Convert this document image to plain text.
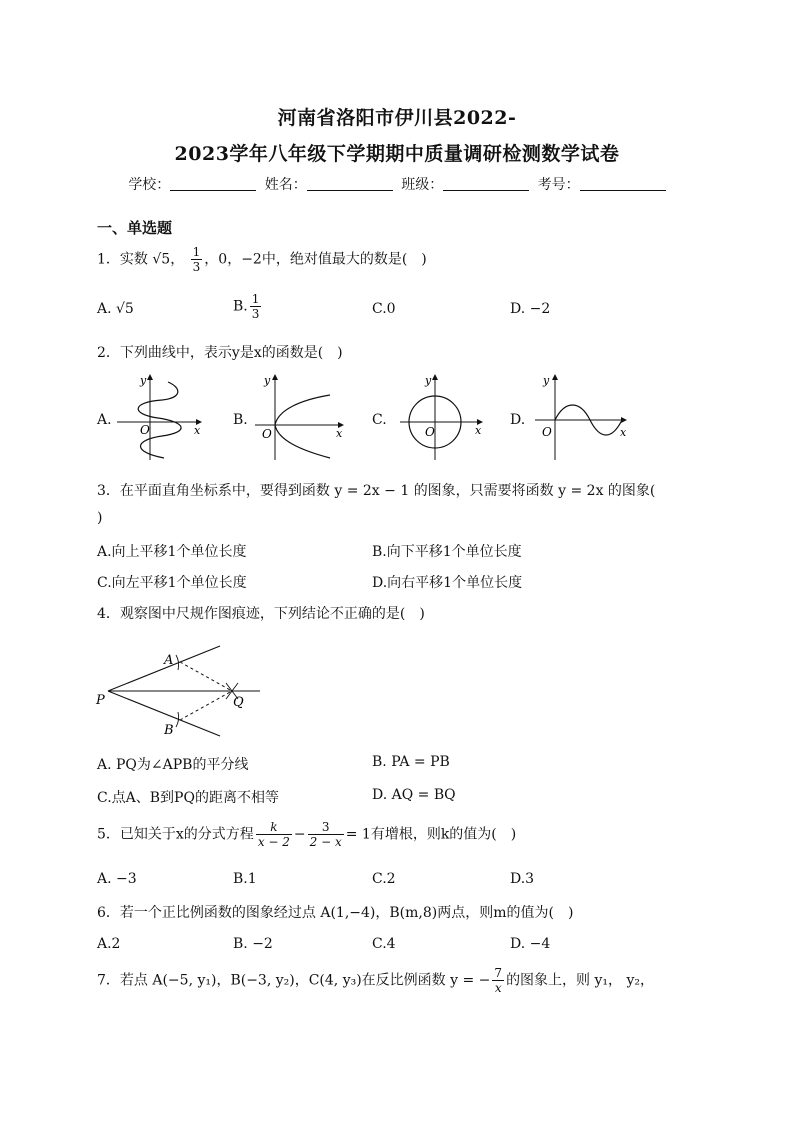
河南省洛阳市伊川县2022-
2023学年八年级下学期期中质量调研检测数学试卷
学校：	姓名：	班级：	考号：
一、单选题
1．实数 √5， $\frac{1}{3}$ ，0，−2中，绝对值最大的数是(　)
A. √5	B. $\frac{1}{3}$	C.0	D. −2
2．下列曲线中，表示y是x的函数是(　)
A.
O	x
y
B.
O	x
y
C.
O	x
y
D.
O	x
y
3．在平面直角坐标系中，要得到函数 y = 2x − 1 的图象，只需要将函数 y = 2x 的图象(
)
A.向上平移1个单位长度	B.向下平移1个单位长度
C.向左平移1个单位长度	D.向右平移1个单位长度
4．观察图中尺规作图痕迹，下列结论不正确的是(　)
P
A
B
Q
A. PQ为∠APB的平分线	B. PA = PB
C.点A、B到PQ的距离不相等	D. AQ = BQ
5．已知关于x的分式方程 $\frac{k}{x - 2} - \frac{3}{2 - x} = 1$有增根，则k的值为(　)
A. −3	B.1	C.2	D.3
6．若一个正比例函数的图象经过点 A(1,−4)，B(m,8)两点，则m的值为(　)
A.2	B. −2	C.4	D. −4
7．若点 A(−5, y₁)，B(−3, y₂)，C(4, y₃)在反比例函数 y = − $\frac{7}{x}$ 的图象上，则 y₁， y₂，
